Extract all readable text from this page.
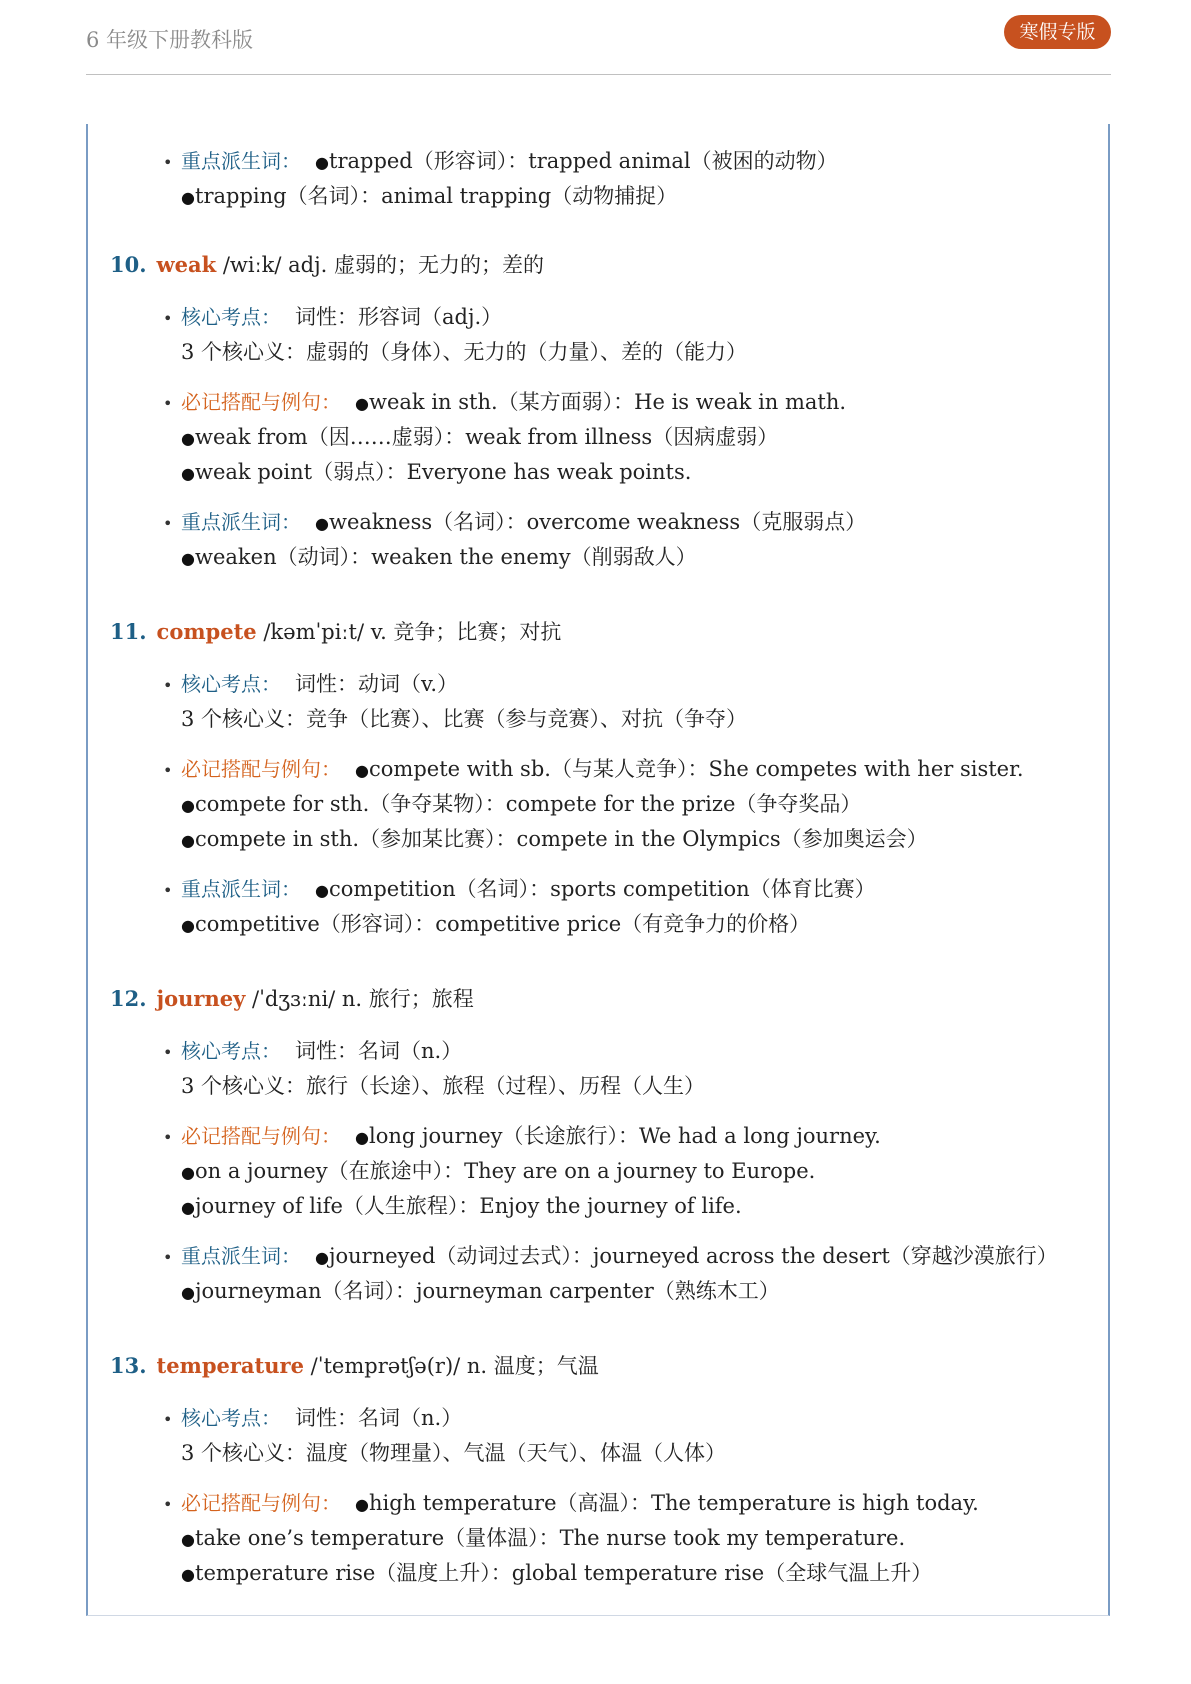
6 年级下册教科版	寒假专版
• 重点派生词： ●trapped（形容词）：trapped animal（被困的动物）
●trapping（名词）：animal trapping（动物捕捉）
10. weak /wiːk/ adj. 虚弱的；无力的；差的
• 核心考点： 词性：形容词（adj.）
3 个核心义：虚弱的（身体）、无力的（力量）、差的（能力）
• 必记搭配与例句： ●weak in sth.（某方面弱）：He is weak in math.
●weak from（因……虚弱）：weak from illness（因病虚弱）
●weak point（弱点）：Everyone has weak points.
• 重点派生词： ●weakness（名词）：overcome weakness（克服弱点）
●weaken（动词）：weaken the enemy（削弱敌人）
11. compete /kəmˈpiːt/ v. 竞争；比赛；对抗
• 核心考点： 词性：动词（v.）
3 个核心义：竞争（比赛）、比赛（参与竞赛）、对抗（争夺）
• 必记搭配与例句： ●compete with sb.（与某人竞争）：She competes with her sister.
●compete for sth.（争夺某物）：compete for the prize（争夺奖品）
●compete in sth.（参加某比赛）：compete in the Olympics（参加奥运会）
• 重点派生词： ●competition（名词）：sports competition（体育比赛）
●competitive（形容词）：competitive price（有竞争力的价格）
12. journey /ˈdʒɜːni/ n. 旅行；旅程
• 核心考点： 词性：名词（n.）
3 个核心义：旅行（长途）、旅程（过程）、历程（人生）
• 必记搭配与例句： ●long journey（长途旅行）：We had a long journey.
●on a journey（在旅途中）：They are on a journey to Europe.
●journey of life（人生旅程）：Enjoy the journey of life.
• 重点派生词： ●journeyed（动词过去式）：journeyed across the desert（穿越沙漠旅行）
●journeyman（名词）：journeyman carpenter（熟练木工）
13. temperature /ˈtemprətʃə(r)/ n. 温度；气温
• 核心考点： 词性：名词（n.）
3 个核心义：温度（物理量）、气温（天气）、体温（人体）
• 必记搭配与例句： ●high temperature（高温）：The temperature is high today.
●take one’s temperature（量体温）：The nurse took my temperature.
●temperature rise（温度上升）：global temperature rise（全球气温上升）
